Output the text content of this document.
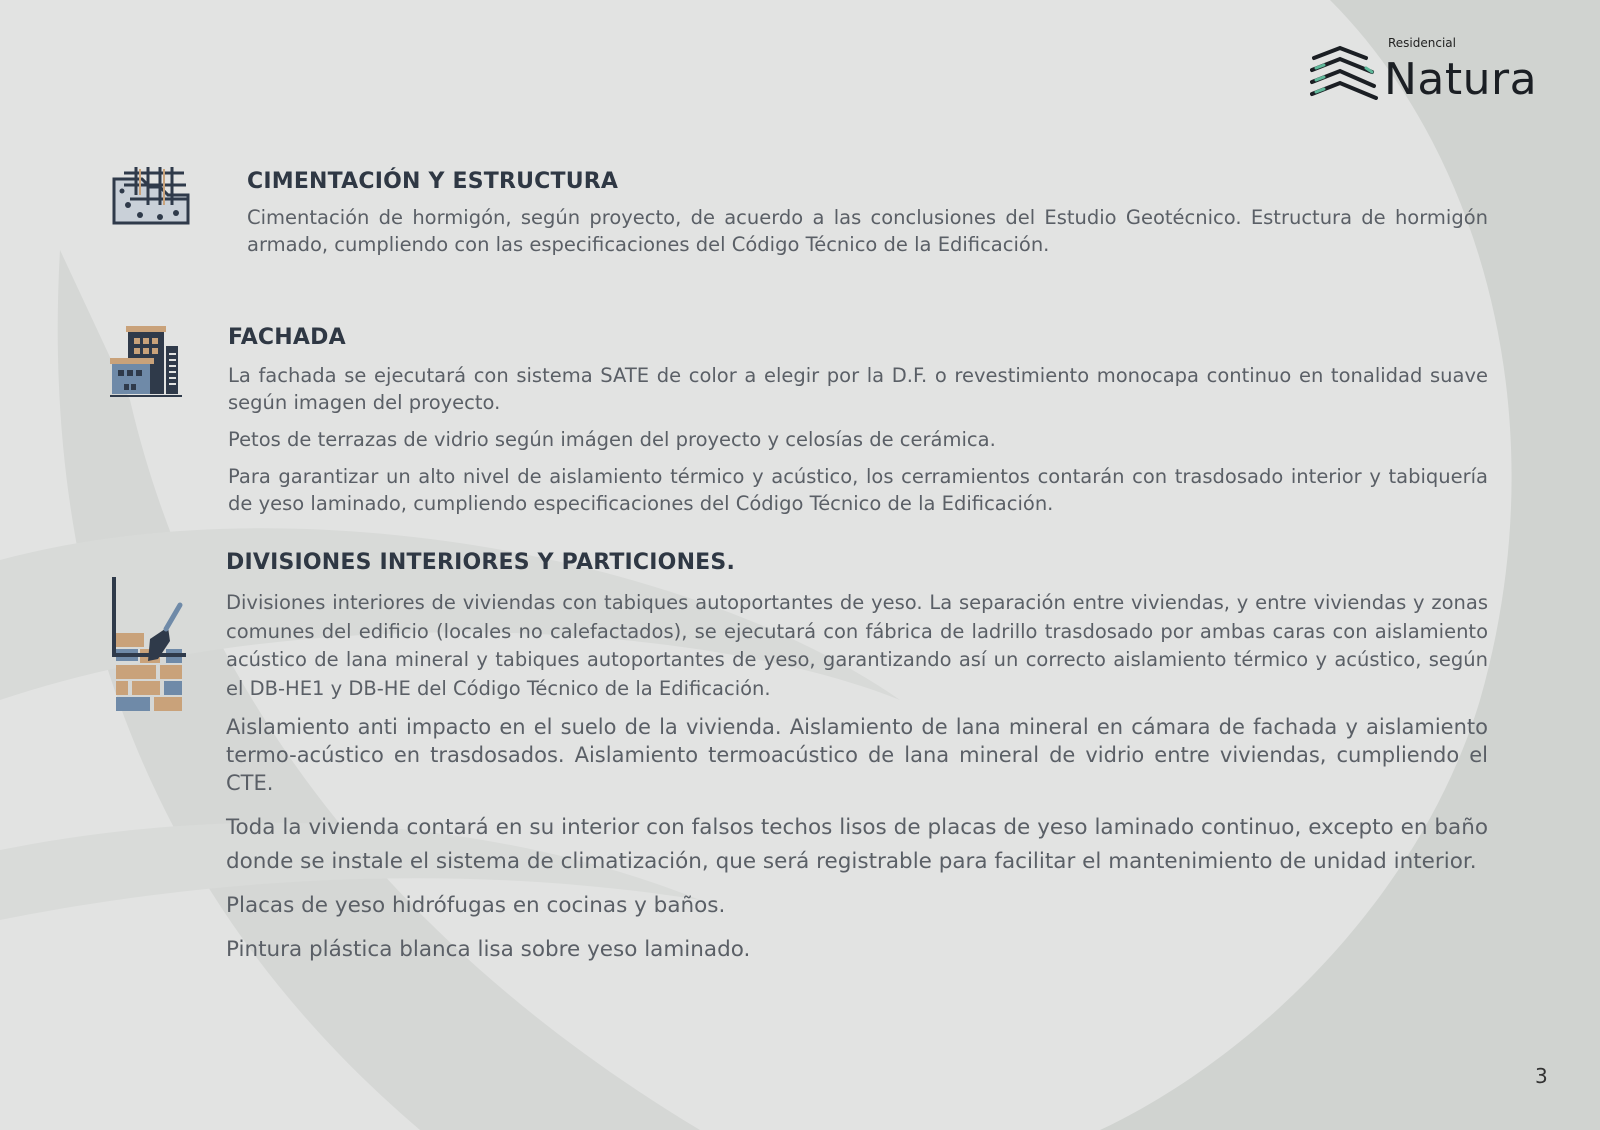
Residencial
Natura
CIMENTACIÓN Y ESTRUCTURA

Cimentación de hormigón, según proyecto, de acuerdo a las conclusiones del Estudio Geotécnico. Estructura de hormigón armado, cumpliendo con las especificaciones del Código Técnico de la Edificación.

FACHADA

La fachada se ejecutará con sistema SATE de color a elegir por la D.F. o revestimiento monocapa continuo en tonalidad suave según imagen del proyecto.

Petos de terrazas de vidrio según imágen del proyecto y celosías de cerámica.

Para garantizar un alto nivel de aislamiento térmico y acústico, los cerramientos contarán con trasdosado interior y tabiquería de yeso laminado, cumpliendo especificaciones del Código Técnico de la Edificación.

DIVISIONES INTERIORES Y PARTICIONES.

Divisiones interiores de viviendas con tabiques autoportantes de yeso. La separación entre viviendas, y entre viviendas y zonas comunes del edificio (locales no calefactados), se ejecutará con fábrica de ladrillo trasdosado por ambas caras con aislamiento acústico de lana mineral y tabiques autoportantes de yeso, garantizando así un correcto aislamiento térmico y acústico, según el DB-HE1 y DB-HE del Código Técnico de la Edificación.

Aislamiento anti impacto en el suelo de la vivienda. Aislamiento de lana mineral en cámara de fachada y aislamiento termo-acústico en trasdosados. Aislamiento termoacústico de lana mineral de vidrio entre viviendas, cumpliendo el CTE.

Toda la vivienda contará en su interior con falsos techos lisos de placas de yeso laminado continuo, excepto en baño donde se instale el sistema de climatización, que será registrable para facilitar el mantenimiento de unidad interior.

Placas de yeso hidrófugas en cocinas y baños.

Pintura plástica blanca lisa sobre yeso laminado.

3
